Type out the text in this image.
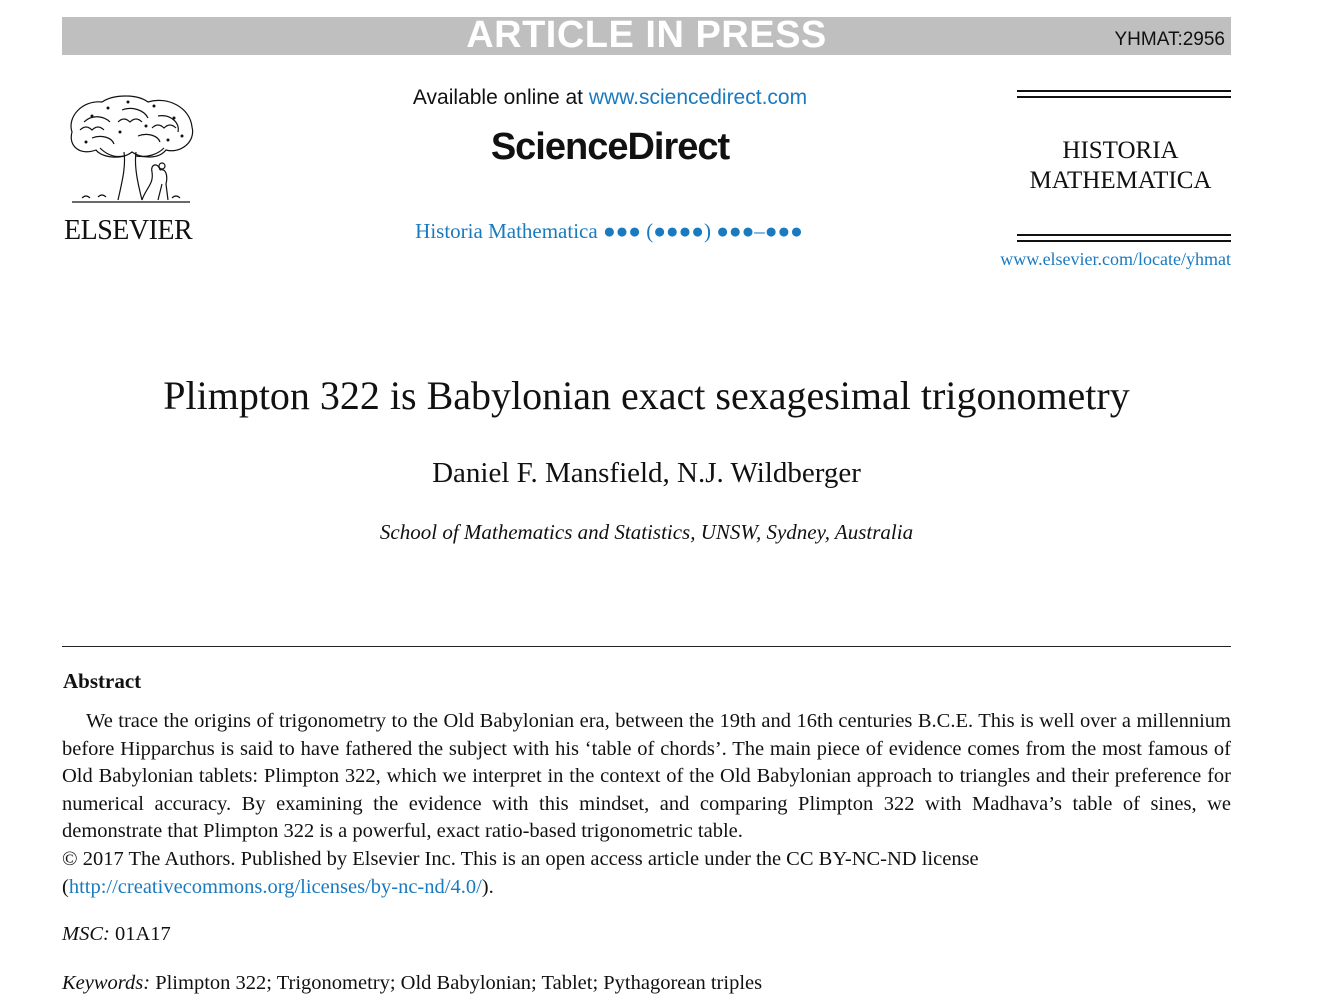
ARTICLE IN PRESS	YHMAT:2956
ELSEVIER
Available online at www.sciencedirect.com
ScienceDirect
Historia Mathematica ●●● (●●●●) ●●●–●●●
HISTORIA
MATHEMATICA
www.elsevier.com/locate/yhmat
Plimpton 322 is Babylonian exact sexagesimal trigonometry
Daniel F. Mansfield, N.J. Wildberger
School of Mathematics and Statistics, UNSW, Sydney, Australia
Abstract

We trace the origins of trigonometry to the Old Babylonian era, between the 19th and 16th centuries B.C.E. This is well over a millennium before Hipparchus is said to have fathered the subject with his ‘table of chords’. The main piece of evidence comes from the most famous of Old Babylonian tablets: Plimpton 322, which we interpret in the context of the Old Babylonian approach to triangles and their preference for numerical accuracy. By examining the evidence with this mindset, and comparing Plimpton 322 with Madhava’s table of sines, we demonstrate that Plimpton 322 is a powerful, exact ratio-based trigonometric table.

© 2017 The Authors. Published by Elsevier Inc. This is an open access article under the CC BY-NC-ND license
(http://creativecommons.org/licenses/by-nc-nd/4.0/).
MSC: 01A17
Keywords: Plimpton 322; Trigonometry; Old Babylonian; Tablet; Pythagorean triples
